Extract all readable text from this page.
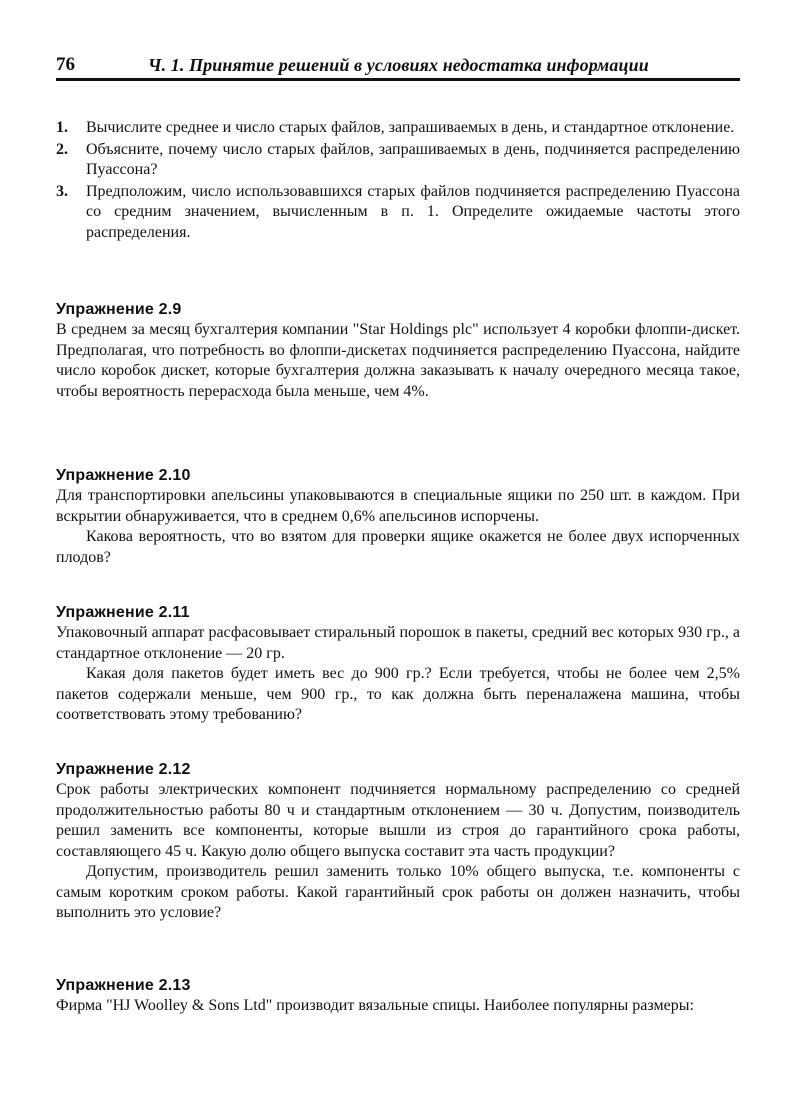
76	Ч. 1. Принятие решений в условиях недостатка информации
1. Вычислите среднее и число старых файлов, запрашиваемых в день, и стандартное отклонение.
2. Объясните, почему число старых файлов, запрашиваемых в день, подчиняется распределению Пуассона?
3. Предположим, число использовавшихся старых файлов подчиняется распределению Пуассона со средним значением, вычисленным в п. 1. Определите ожидаемые частоты этого распределения.
Упражнение 2.9

В среднем за месяц бухгалтерия компании "Star Holdings plc" использует 4 коробки флоппи-дискет. Предполагая, что потребность во флоппи-дискетах подчиняется распределению Пуассона, найдите число коробок дискет, которые бухгалтерия должна заказывать к началу очередного месяца такое, чтобы вероятность перерасхода была меньше, чем 4%.

Упражнение 2.10

Для транспортировки апельсины упаковываются в специальные ящики по 250 шт. в каждом. При вскрытии обнаруживается, что в среднем 0,6% апельсинов испорчены.

Какова вероятность, что во взятом для проверки ящике окажется не более двух испорченных плодов?

Упражнение 2.11

Упаковочный аппарат расфасовывает стиральный порошок в пакеты, средний вес которых 930 гр., а стандартное отклонение — 20 гр.

Какая доля пакетов будет иметь вес до 900 гр.? Если требуется, чтобы не более чем 2,5% пакетов содержали меньше, чем 900 гр., то как должна быть переналажена машина, чтобы соответствовать этому требованию?

Упражнение 2.12

Срок работы электрических компонент подчиняется нормальному распределению со средней продолжительностью работы 80 ч и стандартным отклонением — 30 ч. Допустим, поизводитель решил заменить все компоненты, которые вышли из строя до гарантийного срока работы, составляющего 45 ч. Какую долю общего выпуска составит эта часть продукции?

Допустим, производитель решил заменить только 10% общего выпуска, т.е. компоненты с самым коротким сроком работы. Какой гарантийный срок работы он должен назначить, чтобы выполнить это условие?

Упражнение 2.13

Фирма "HJ Woolley & Sons Ltd" производит вязальные спицы. Наиболее популярны размеры:
